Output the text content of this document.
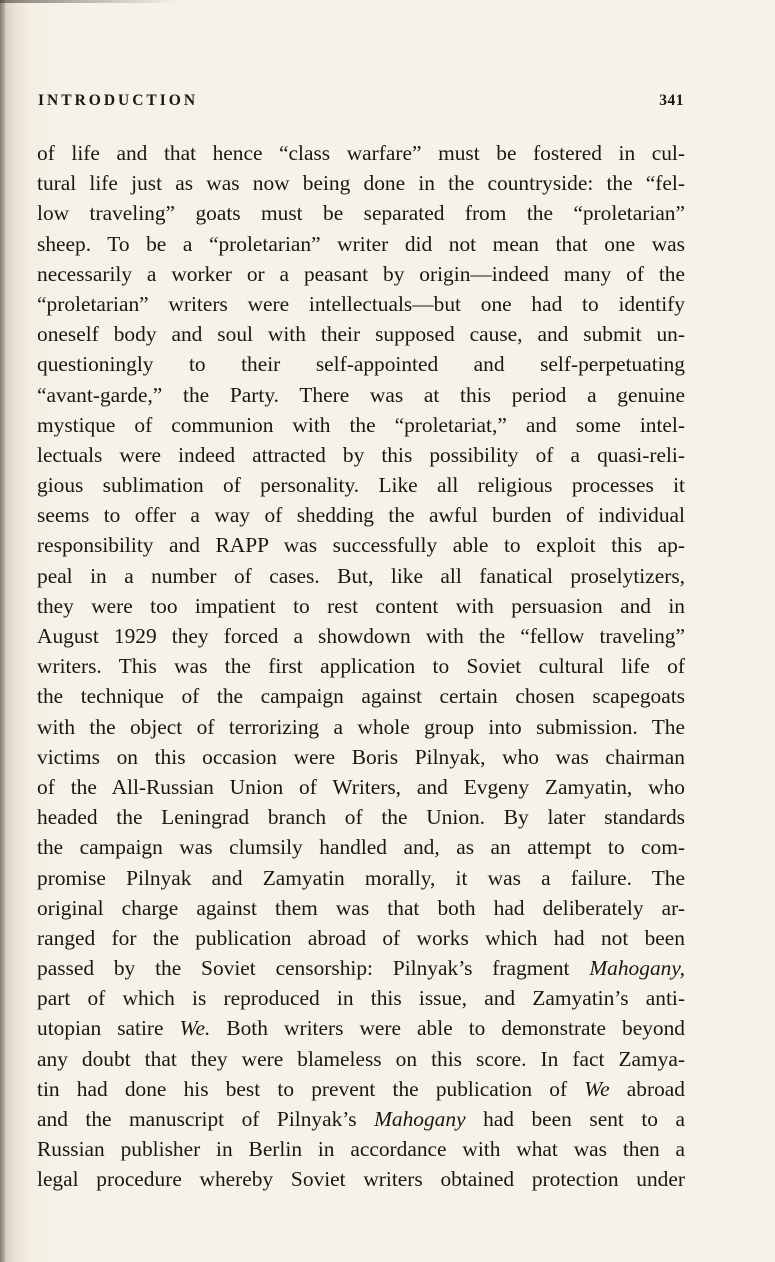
INTRODUCTION	341
of life and that hence “class warfare” must be fostered in cul-
tural life just as was now being done in the countryside: the “fel-
low traveling” goats must be separated from the “proletarian”
sheep. To be a “proletarian” writer did not mean that one was
necessarily a worker or a peasant by origin—indeed many of the
“proletarian” writers were intellectuals—but one had to identify
oneself body and soul with their supposed cause, and submit un-
questioningly to their self-appointed and self-perpetuating
“avant-garde,” the Party. There was at this period a genuine
mystique of communion with the “proletariat,” and some intel-
lectuals were indeed attracted by this possibility of a quasi-reli-
gious sublimation of personality. Like all religious processes it
seems to offer a way of shedding the awful burden of individual
responsibility and RAPP was successfully able to exploit this ap-
peal in a number of cases. But, like all fanatical proselytizers,
they were too impatient to rest content with persuasion and in
August 1929 they forced a showdown with the “fellow traveling”
writers. This was the first application to Soviet cultural life of
the technique of the campaign against certain chosen scapegoats
with the object of terrorizing a whole group into submission. The
victims on this occasion were Boris Pilnyak, who was chairman
of the All-Russian Union of Writers, and Evgeny Zamyatin, who
headed the Leningrad branch of the Union. By later standards
the campaign was clumsily handled and, as an attempt to com-
promise Pilnyak and Zamyatin morally, it was a failure. The
original charge against them was that both had deliberately ar-
ranged for the publication abroad of works which had not been
passed by the Soviet censorship: Pilnyak’s fragment Mahogany,
part of which is reproduced in this issue, and Zamyatin’s anti-
utopian satire We. Both writers were able to demonstrate beyond
any doubt that they were blameless on this score. In fact Zamya-
tin had done his best to prevent the publication of We abroad
and the manuscript of Pilnyak’s Mahogany had been sent to a
Russian publisher in Berlin in accordance with what was then a
legal procedure whereby Soviet writers obtained protection under
